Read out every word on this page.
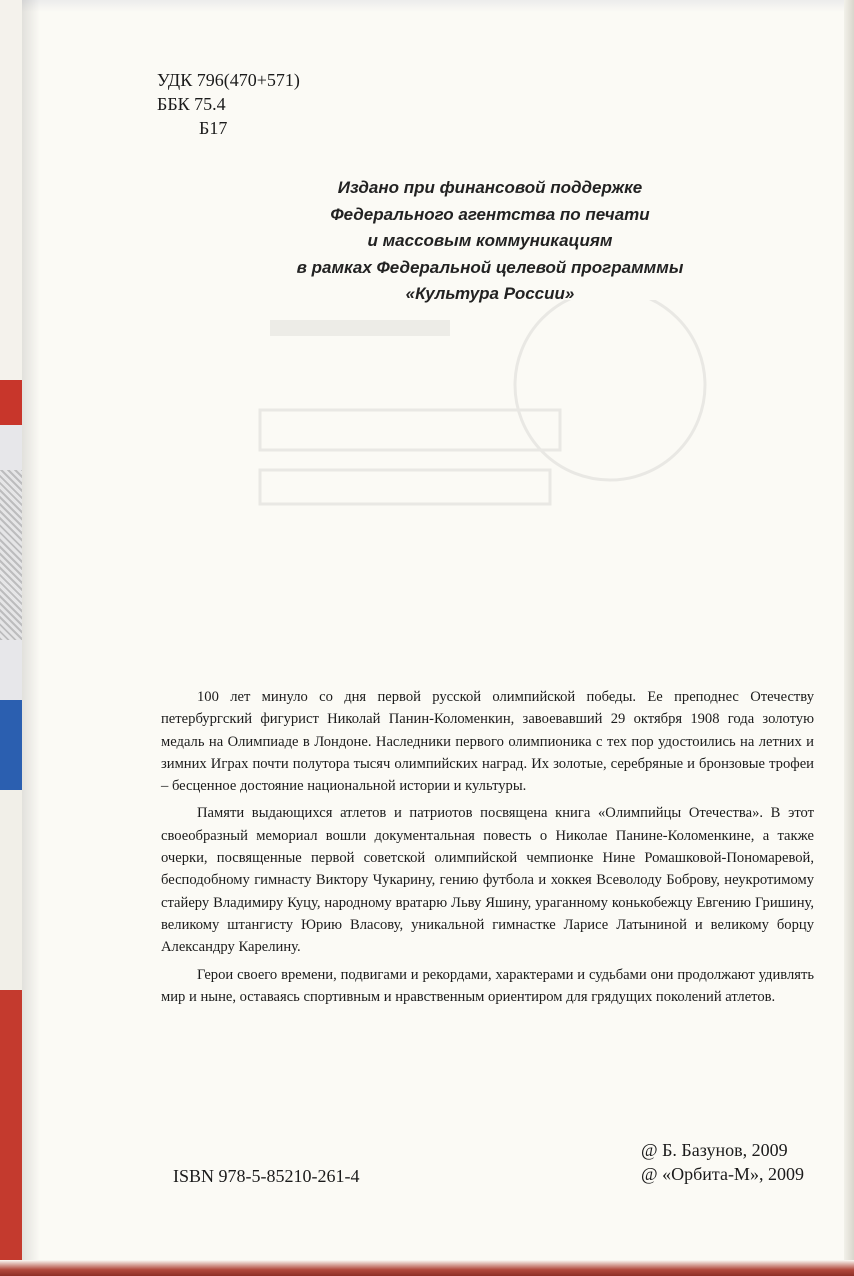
УДК 796(470+571)
ББК 75.4
Б17
Издано при финансовой поддержке
Федерального агентства по печати
и массовым коммуникациям
в рамках Федеральной целевой программмы
«Культура России»

100 лет минуло со дня первой русской олимпийской победы. Ее преподнес Отечеству петербургский фигурист Николай Панин-Коломенкин, завоевавший 29 октября 1908 года золотую медаль на Олимпиаде в Лондоне. Наследники первого олимпионика с тех пор удостоились на летних и зимних Играх почти полутора тысяч олимпийских наград. Их золотые, серебряные и бронзовые трофеи – бесценное достояние национальной истории и культуры.

Памяти выдающихся атлетов и патриотов посвящена книга «Олимпийцы Отечества». В этот своеобразный мемориал вошли документальная повесть о Николае Панине-Коломенкине, а также очерки, посвященные первой советской олимпийской чемпионке Нине Ромашковой-Пономаревой, бесподобному гимнасту Виктору Чукарину, гению футбола и хоккея Всеволоду Боброву, неукротимому стайеру Владимиру Куцу, народному вратарю Льву Яшину, ураганному конькобежцу Евгению Гришину, великому штангисту Юрию Власову, уникальной гимнастке Ларисе Латыниной и великому борцу Александру Карелину.

Герои своего времени, подвигами и рекордами, характерами и судьбами они продолжают удивлять мир и ныне, оставаясь спортивным и нравственным ориентиром для грядущих поколений атлетов.

ISBN 978-5-85210-261-4
@ Б. Базунов, 2009
@ «Орбита-М», 2009
